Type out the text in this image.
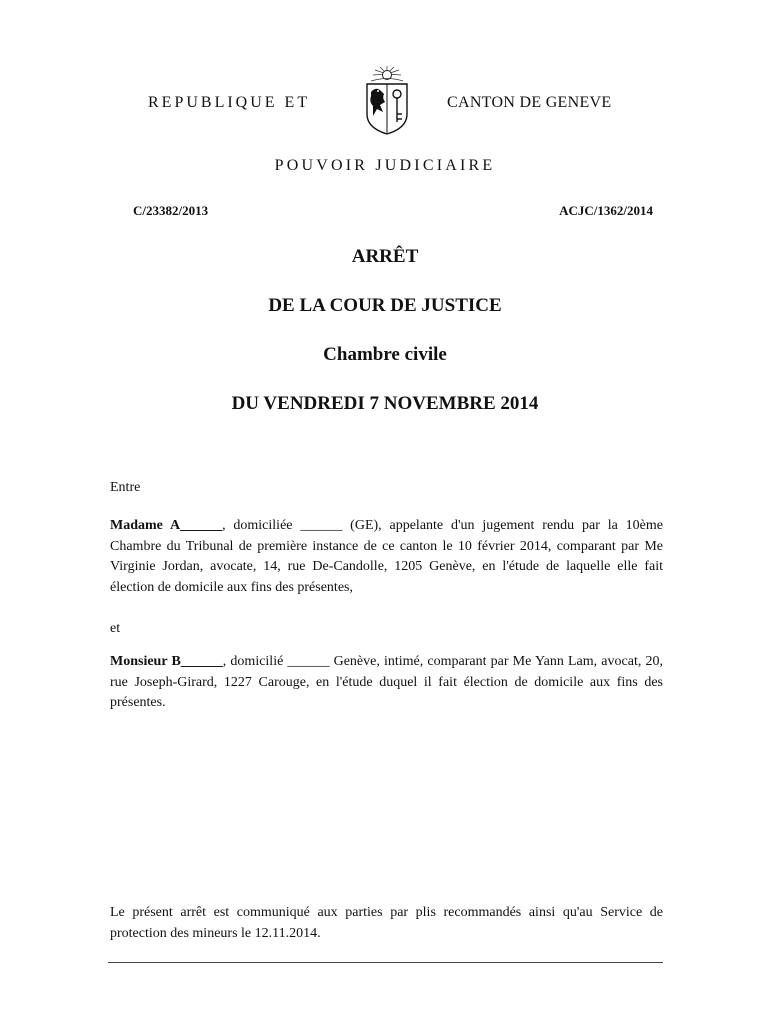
REPUBLIQUE ET	CANTON DE GENEVE
POUVOIR JUDICIAIRE
C/23382/2013	ACJC/1362/2014
ARRÊT
DE LA COUR DE JUSTICE
Chambre civile
DU VENDREDI 7 NOVEMBRE 2014
Entre
Madame A______, domiciliée ______ (GE), appelante d'un jugement rendu par la 10ème Chambre du Tribunal de première instance de ce canton le 10 février 2014, comparant par Me Virginie Jordan, avocate, 14, rue De-Candolle, 1205 Genève, en l'étude de laquelle elle fait élection de domicile aux fins des présentes,
et
Monsieur B______, domicilié ______ Genève, intimé, comparant par Me Yann Lam, avocat, 20, rue Joseph-Girard, 1227 Carouge, en l'étude duquel il fait élection de domicile aux fins des présentes.
Le présent arrêt est communiqué aux parties par plis recommandés ainsi qu'au Service de protection des mineurs le 12.11.2014.
